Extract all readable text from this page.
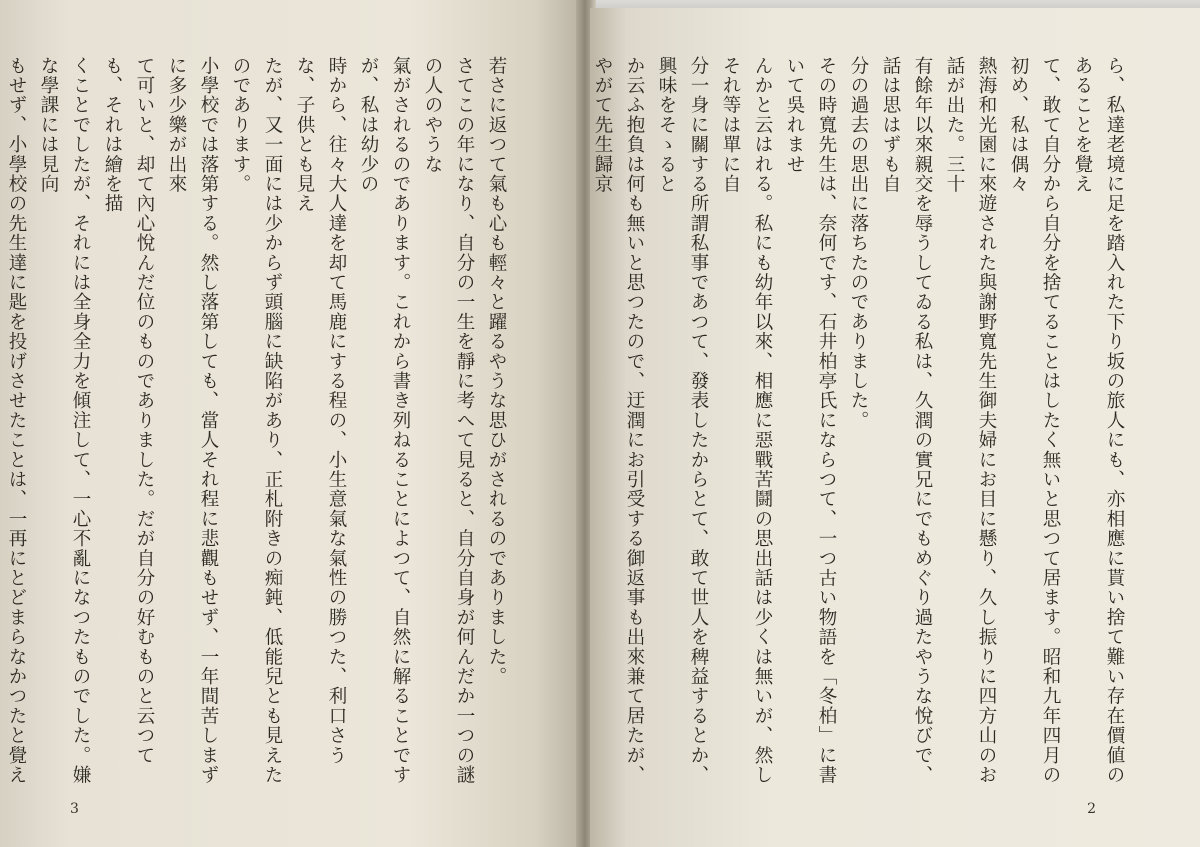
若さに返つて氣も心も輕々と躍るやうな思ひがされるのでありました。
さてこの年になり、自分の一生を靜に考へて見ると、自分自身が何んだか一つの謎の人のやうな
氣がされるのであります。これから書き列ねることによつて、自然に解ることですが、私は幼少の
時から、往々大人達を却て馬鹿にする程の、小生意氣な氣性の勝つた、利口さうな、子供とも見え
たが、又一面には少からず頭腦に缺陷があり、正札附きの痴鈍、低能兒とも見えたのであります。
小學校では落第する。然し落第しても、當人それ程に悲觀もせず、一年間苦しまずに多少樂が出來
て可いと、却て內心悅んだ位のものでありました。だが自分の好むものと云つても、それは繪を描
くことでしたが、それには全身全力を傾注して、一心不亂になつたものでした。嫌な學課には見向
もせず、小學校の先生達に匙を投げさせたことは、一再にとどまらなかつたと覺え

3
ら、私達老境に足を踏入れた下り坂の旅人にも、亦相應に貰い捨て難い存在價値のあることを覺え
て、敢て自分から自分を捨てることはしたく無いと思つて居ます。昭和九年四月の初め、私は偶々
熱海和光園に來遊された與謝野寬先生御夫婦にお目に懸り、久し振りに四方山のお話が出た。三十
有餘年以來親交を辱うしてゐる私は、久潤の實兄にでもめぐり過たやうな悅びで、話は思はずも自
分の過去の思出に落ちたのでありました。
その時寬先生は、奈何です、石井柏亭氏にならつて、一つ古い物語を「冬柏」に書いて吳れませ
んかと云はれる。私にも幼年以來、相應に惡戰苦鬪の思出話は少くは無いが、然しそれ等は單に自
分一身に關する所謂私事であつて、發表したからとて、敢て世人を稗益するとか、興味をそゝると
か云ふ抱負は何も無いと思つたので、迂潤にお引受する御返事も出來兼て居たが、やがて先生歸京

2
